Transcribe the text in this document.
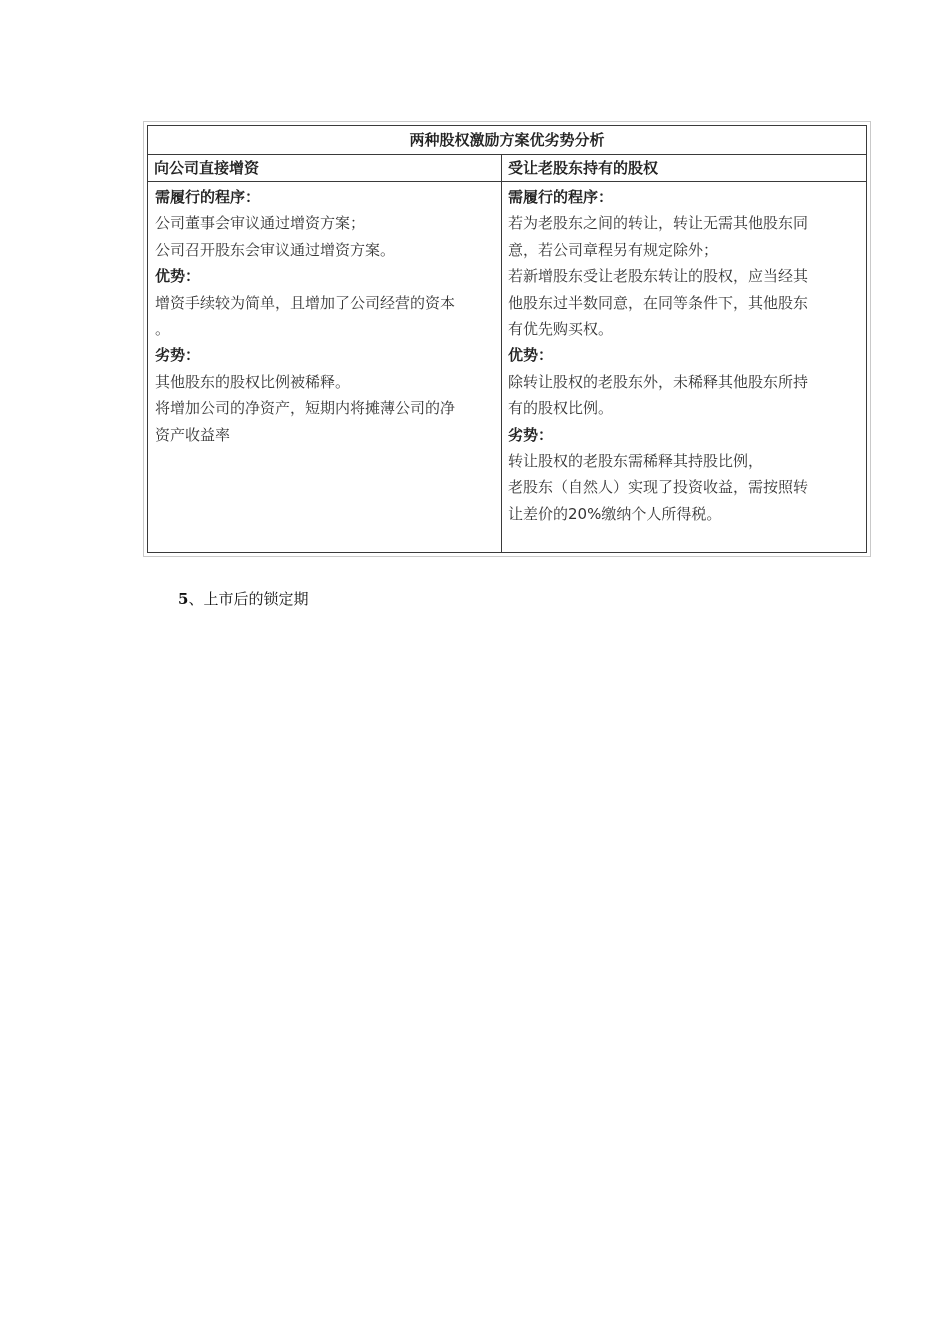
两种股权激励方案优劣势分析
向公司直接增资	受让老股东持有的股权
需履行的程序：
公司董事会审议通过增资方案；
公司召开股东会审议通过增资方案。
优势：
增资手续较为简单，且增加了公司经营的资本
。
劣势：
其他股东的股权比例被稀释。
将增加公司的净资产，短期内将摊薄公司的净
资产收益率
需履行的程序：
若为老股东之间的转让，转让无需其他股东同
意，若公司章程另有规定除外；
若新增股东受让老股东转让的股权，应当经其
他股东过半数同意，在同等条件下，其他股东
有优先购买权。
优势：
除转让股权的老股东外，未稀释其他股东所持
有的股权比例。
劣势：
转让股权的老股东需稀释其持股比例，
老股东（自然人）实现了投资收益，需按照转
让差价的20%缴纳个人所得税。
5、上市后的锁定期
